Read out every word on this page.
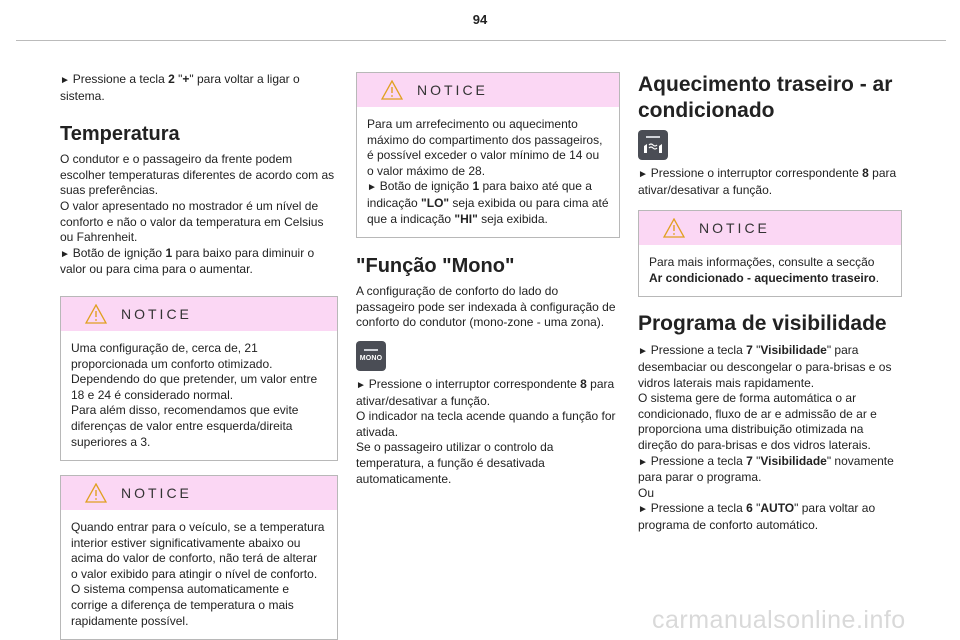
94

► Pressione a tecla 2 "+" para voltar a ligar o sistema.

Temperatura

O condutor e o passageiro da frente podem escolher temperaturas diferentes de acordo com as suas preferências.

O valor apresentado no mostrador é um nível de conforto e não o valor da temperatura em Celsius ou Fahrenheit.

► Botão de ignição 1 para baixo para diminuir o valor ou para cima para o aumentar.

NOTICE
Uma configuração de, cerca de, 21 proporcionada um conforto otimizado.
Dependendo do que pretender, um valor entre 18 e 24 é considerado normal.
Para além disso, recomendamos que evite diferenças de valor entre esquerda/direita superiores a 3.
NOTICE
Quando entrar para o veículo, se a temperatura interior estiver significativamente abaixo ou acima do valor de conforto, não terá de alterar o valor exibido para atingir o nível de conforto. O sistema compensa automaticamente e corrige a diferença de temperatura o mais rapidamente possível.
NOTICE
Para um arrefecimento ou aquecimento máximo do compartimento dos passageiros, é possível exceder o valor mínimo de 14 ou o valor máximo de 28.
► Botão de ignição 1 para baixo até que a indicação "LO" seja exibida ou para cima até que a indicação "HI" seja exibida.
"Função "Mono"

A configuração de conforto do lado do passageiro pode ser indexada à configuração de conforto do condutor (mono-zone - uma zona).

MONO

► Pressione o interruptor correspondente 8 para ativar/desativar a função.

O indicador na tecla acende quando a função for ativada.

Se o passageiro utilizar o controlo da temperatura, a função é desativada automaticamente.

Aquecimento traseiro - ar condicionado

► Pressione o interruptor correspondente 8 para ativar/desativar a função.

NOTICE
Para mais informações, consulte a secção Ar condicionado - aquecimento traseiro.
Programa de visibilidade

► Pressione a tecla 7 "Visibilidade" para desembaciar ou descongelar o para-brisas e os vidros laterais mais rapidamente.

O sistema gere de forma automática o ar condicionado, fluxo de ar e admissão de ar e proporciona uma distribuição otimizada na direção do para-brisas e dos vidros laterais.

► Pressione a tecla 7 "Visibilidade" novamente para parar o programa.

Ou

► Pressione a tecla 6 "AUTO" para voltar ao programa de conforto automático.

carmanualsonline.info
